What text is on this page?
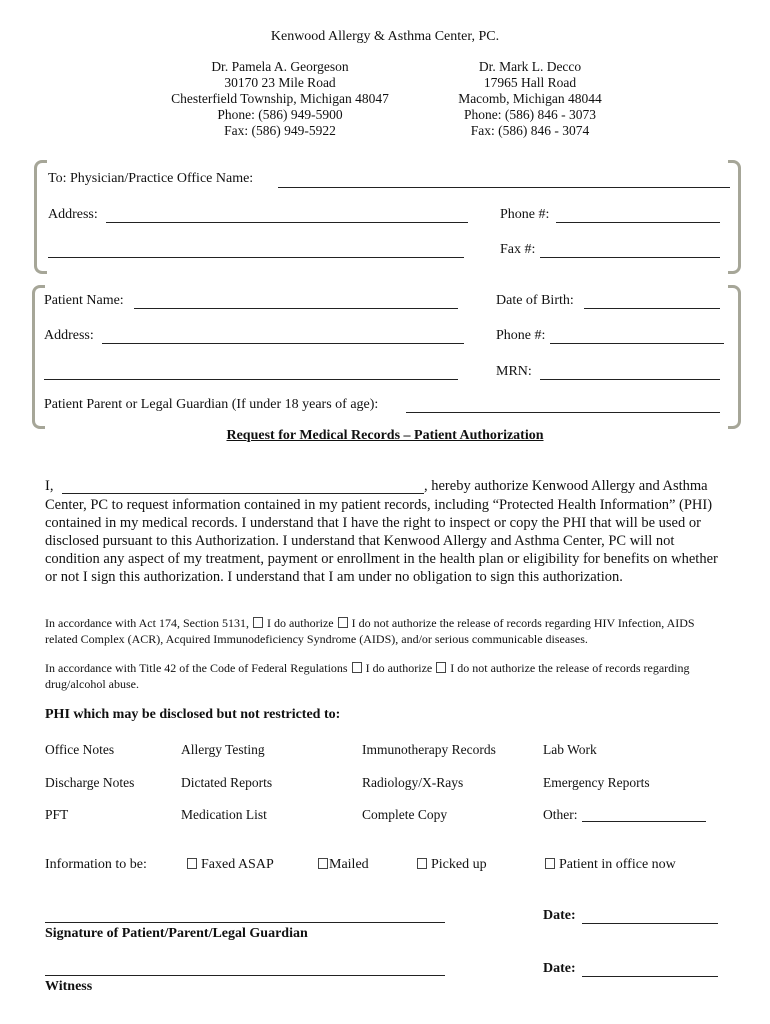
Kenwood Allergy & Asthma Center, PC.
Dr. Pamela A. Georgeson
30170 23 Mile Road
Chesterfield Township, Michigan 48047
Phone: (586) 949-5900
Fax: (586) 949-5922
Dr. Mark L. Decco
17965 Hall Road
Macomb, Michigan 48044
Phone: (586) 846 - 3073
Fax: (586) 846 - 3074
To: Physician/Practice Office Name:
Address:	Phone #:
Fax #:
Patient Name:	Date of Birth:
Address:	Phone #:
MRN:
Patient Parent or Legal Guardian (If under 18 years of age):
Request for Medical Records – Patient Authorization
I,	, hereby authorize Kenwood Allergy and Asthma
Center, PC to request information contained in my patient records, including “Protected Health Information” (PHI) contained in my medical records. I understand that I have the right to inspect or copy the PHI that will be used or disclosed pursuant to this Authorization. I understand that Kenwood Allergy and Asthma Center, PC will not condition any aspect of my treatment, payment or enrollment in the health plan or eligibility for benefits on whether or not I sign this authorization. I understand that I am under no obligation to sign this authorization.
In accordance with Act 174, Section 5131, I do authorize I do not authorize the release of records regarding HIV Infection, AIDS
related Complex (ACR), Acquired Immunodeficiency Syndrome (AIDS), and/or serious communicable diseases.
In accordance with Title 42 of the Code of Federal Regulations I do authorize I do not authorize the release of records regarding
drug/alcohol abuse.
PHI which may be disclosed but not restricted to:
Office Notes	Allergy Testing	Immunotherapy Records	Lab Work
Discharge Notes	Dictated Reports	Radiology/X-Rays	Emergency Reports
PFT	Medication List	Complete Copy	Other:
Information to be:	Faxed ASAP	Mailed	Picked up	Patient in office now
Signature of Patient/Parent/Legal Guardian
Date:
Witness
Date:
